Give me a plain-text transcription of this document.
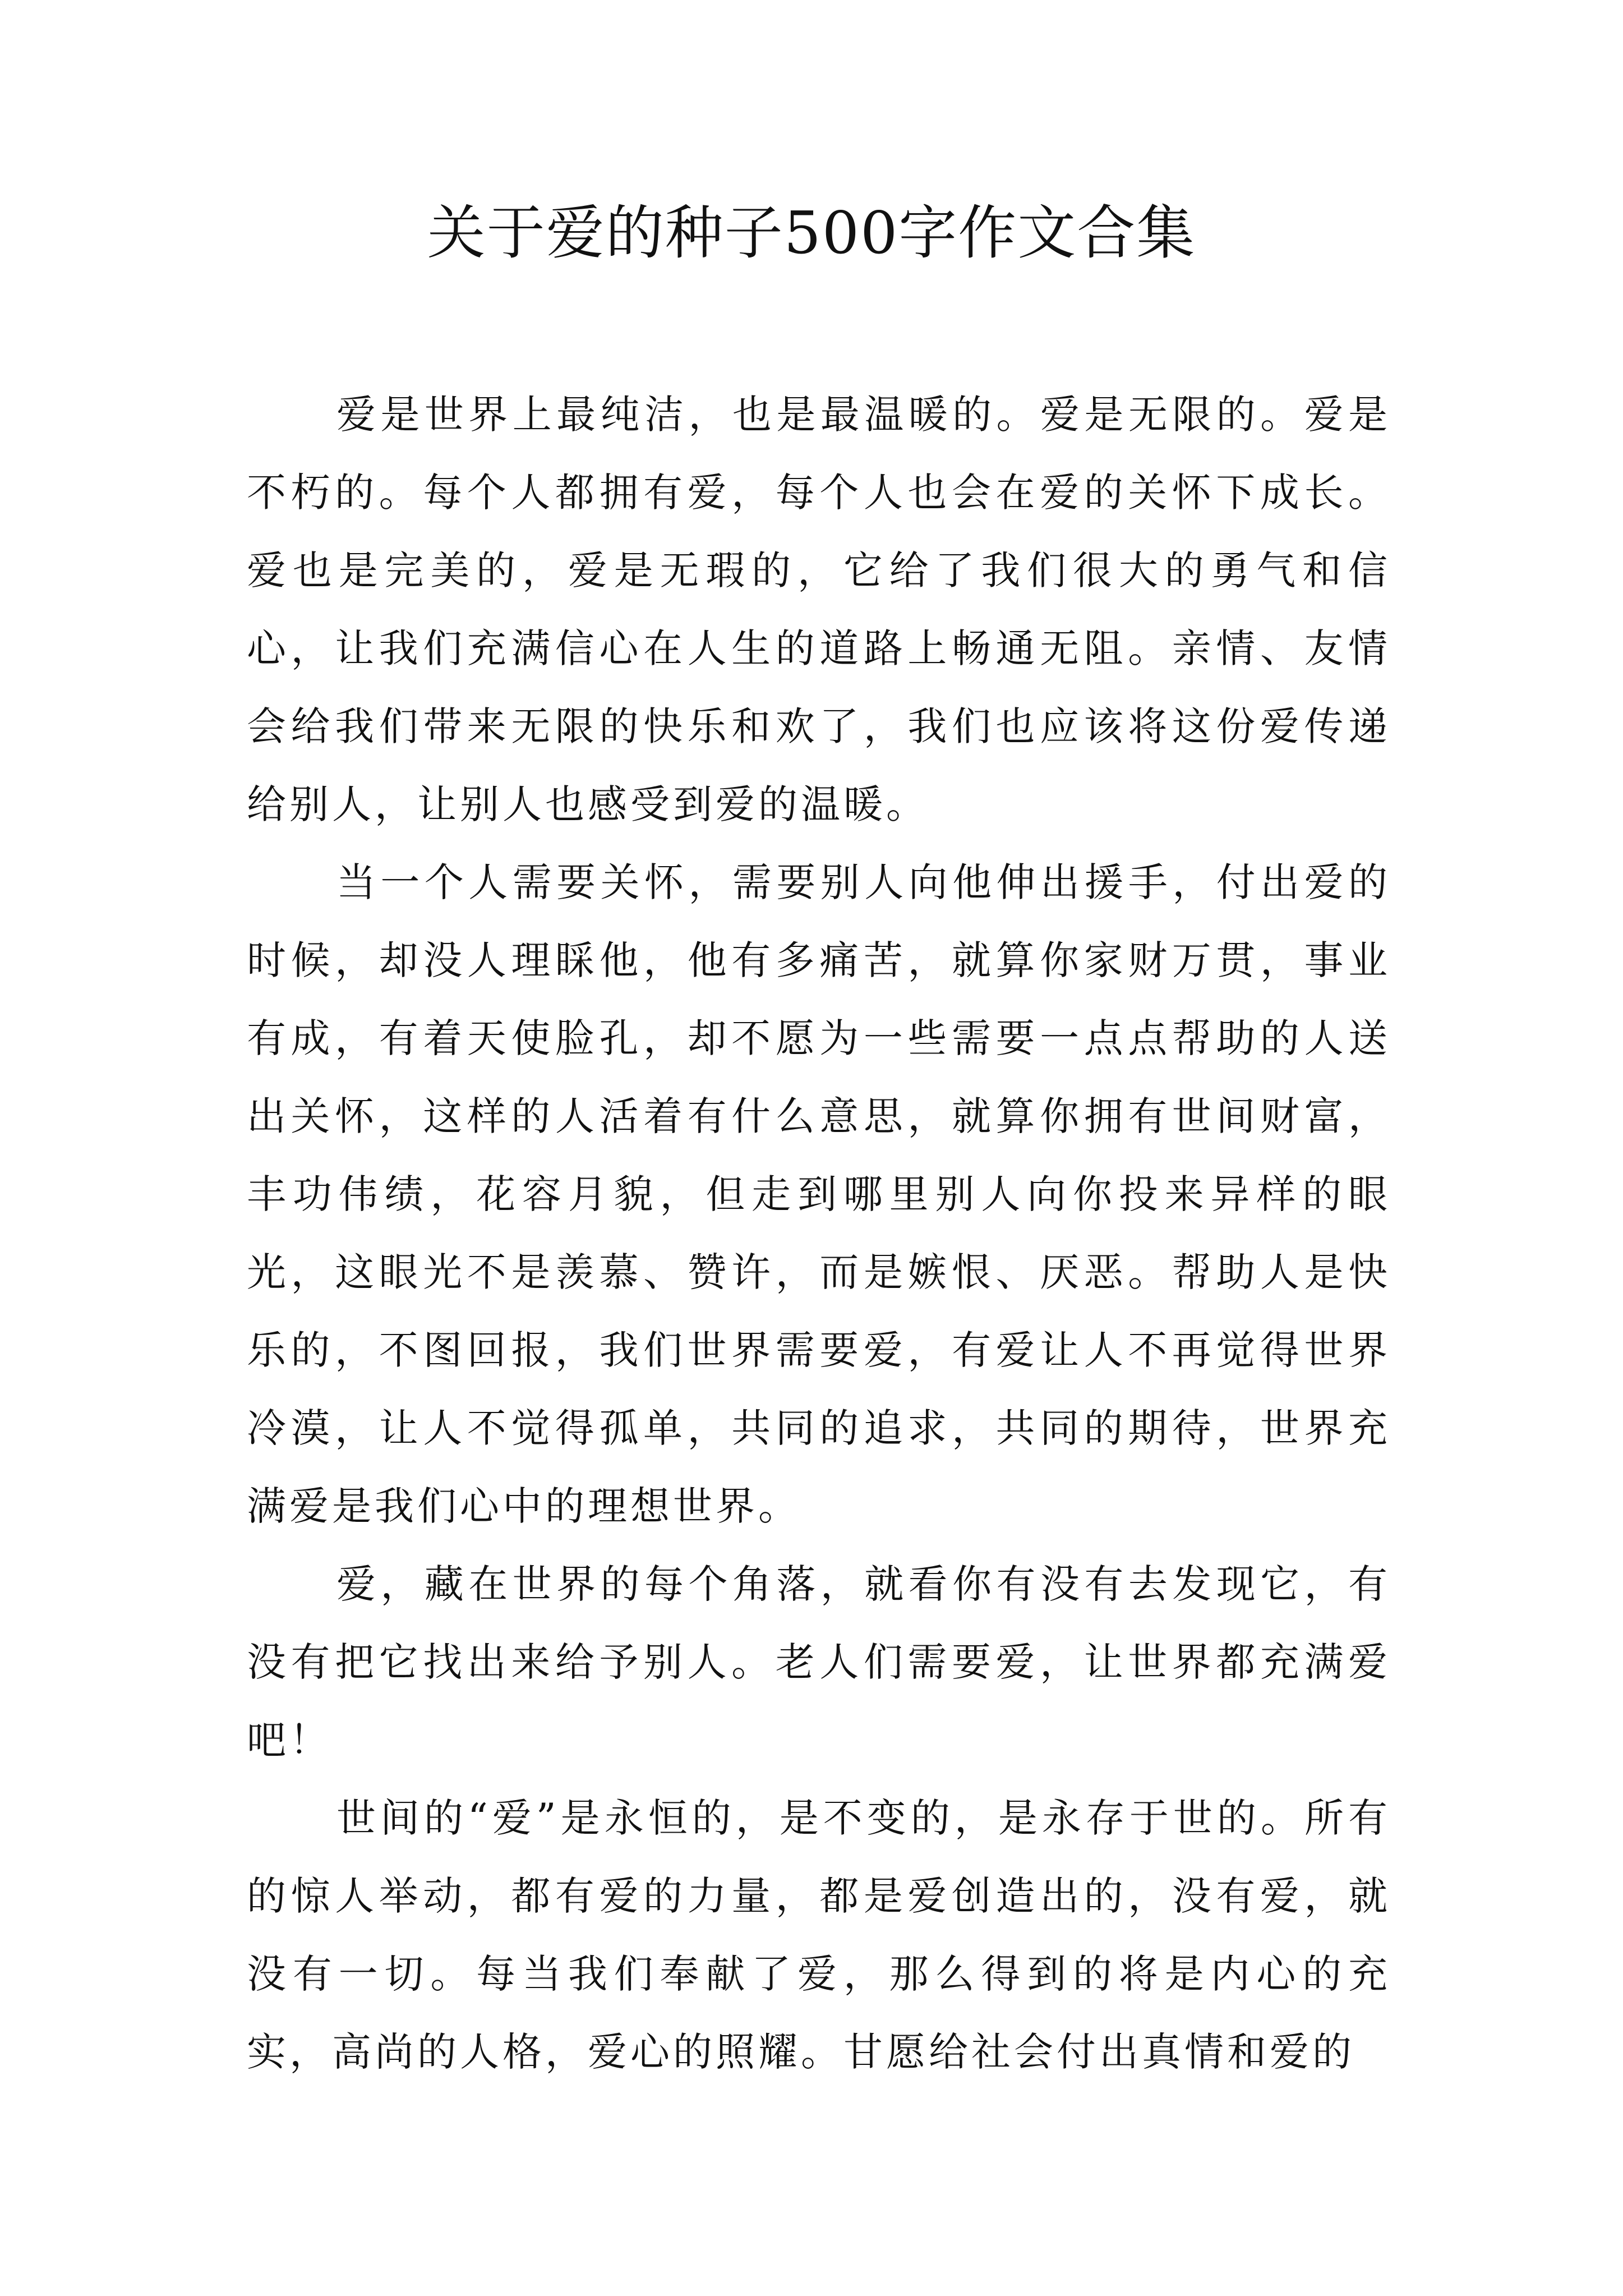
关于爱的种子500字作文合集

爱是世界上最纯洁，也是最温暖的。爱是无限的。爱是不朽的。每个人都拥有爱，每个人也会在爱的关怀下成长。爱也是完美的，爱是无瑕的，它给了我们很大的勇气和信心，让我们充满信心在人生的道路上畅通无阻。亲情、友情会给我们带来无限的快乐和欢了，我们也应该将这份爱传递给别人，让别人也感受到爱的温暖。

当一个人需要关怀，需要别人向他伸出援手，付出爱的时候，却没人理睬他，他有多痛苦，就算你家财万贯，事业有成，有着天使脸孔，却不愿为一些需要一点点帮助的人送出关怀，这样的人活着有什么意思，就算你拥有世间财富，丰功伟绩，花容月貌，但走到哪里别人向你投来异样的眼光，这眼光不是羡慕、赞许，而是嫉恨、厌恶。帮助人是快乐的，不图回报，我们世界需要爱，有爱让人不再觉得世界冷漠，让人不觉得孤单，共同的追求，共同的期待，世界充满爱是我们心中的理想世界。

爱，藏在世界的每个角落，就看你有没有去发现它，有没有把它找出来给予别人。老人们需要爱，让世界都充满爱吧！

世间的“爱”是永恒的，是不变的，是永存于世的。所有的惊人举动，都有爱的力量，都是爱创造出的，没有爱，就没有一切。每当我们奉献了爱，那么得到的将是内心的充实，高尚的人格，爱心的照耀。甘愿给社会付出真情和爱的
